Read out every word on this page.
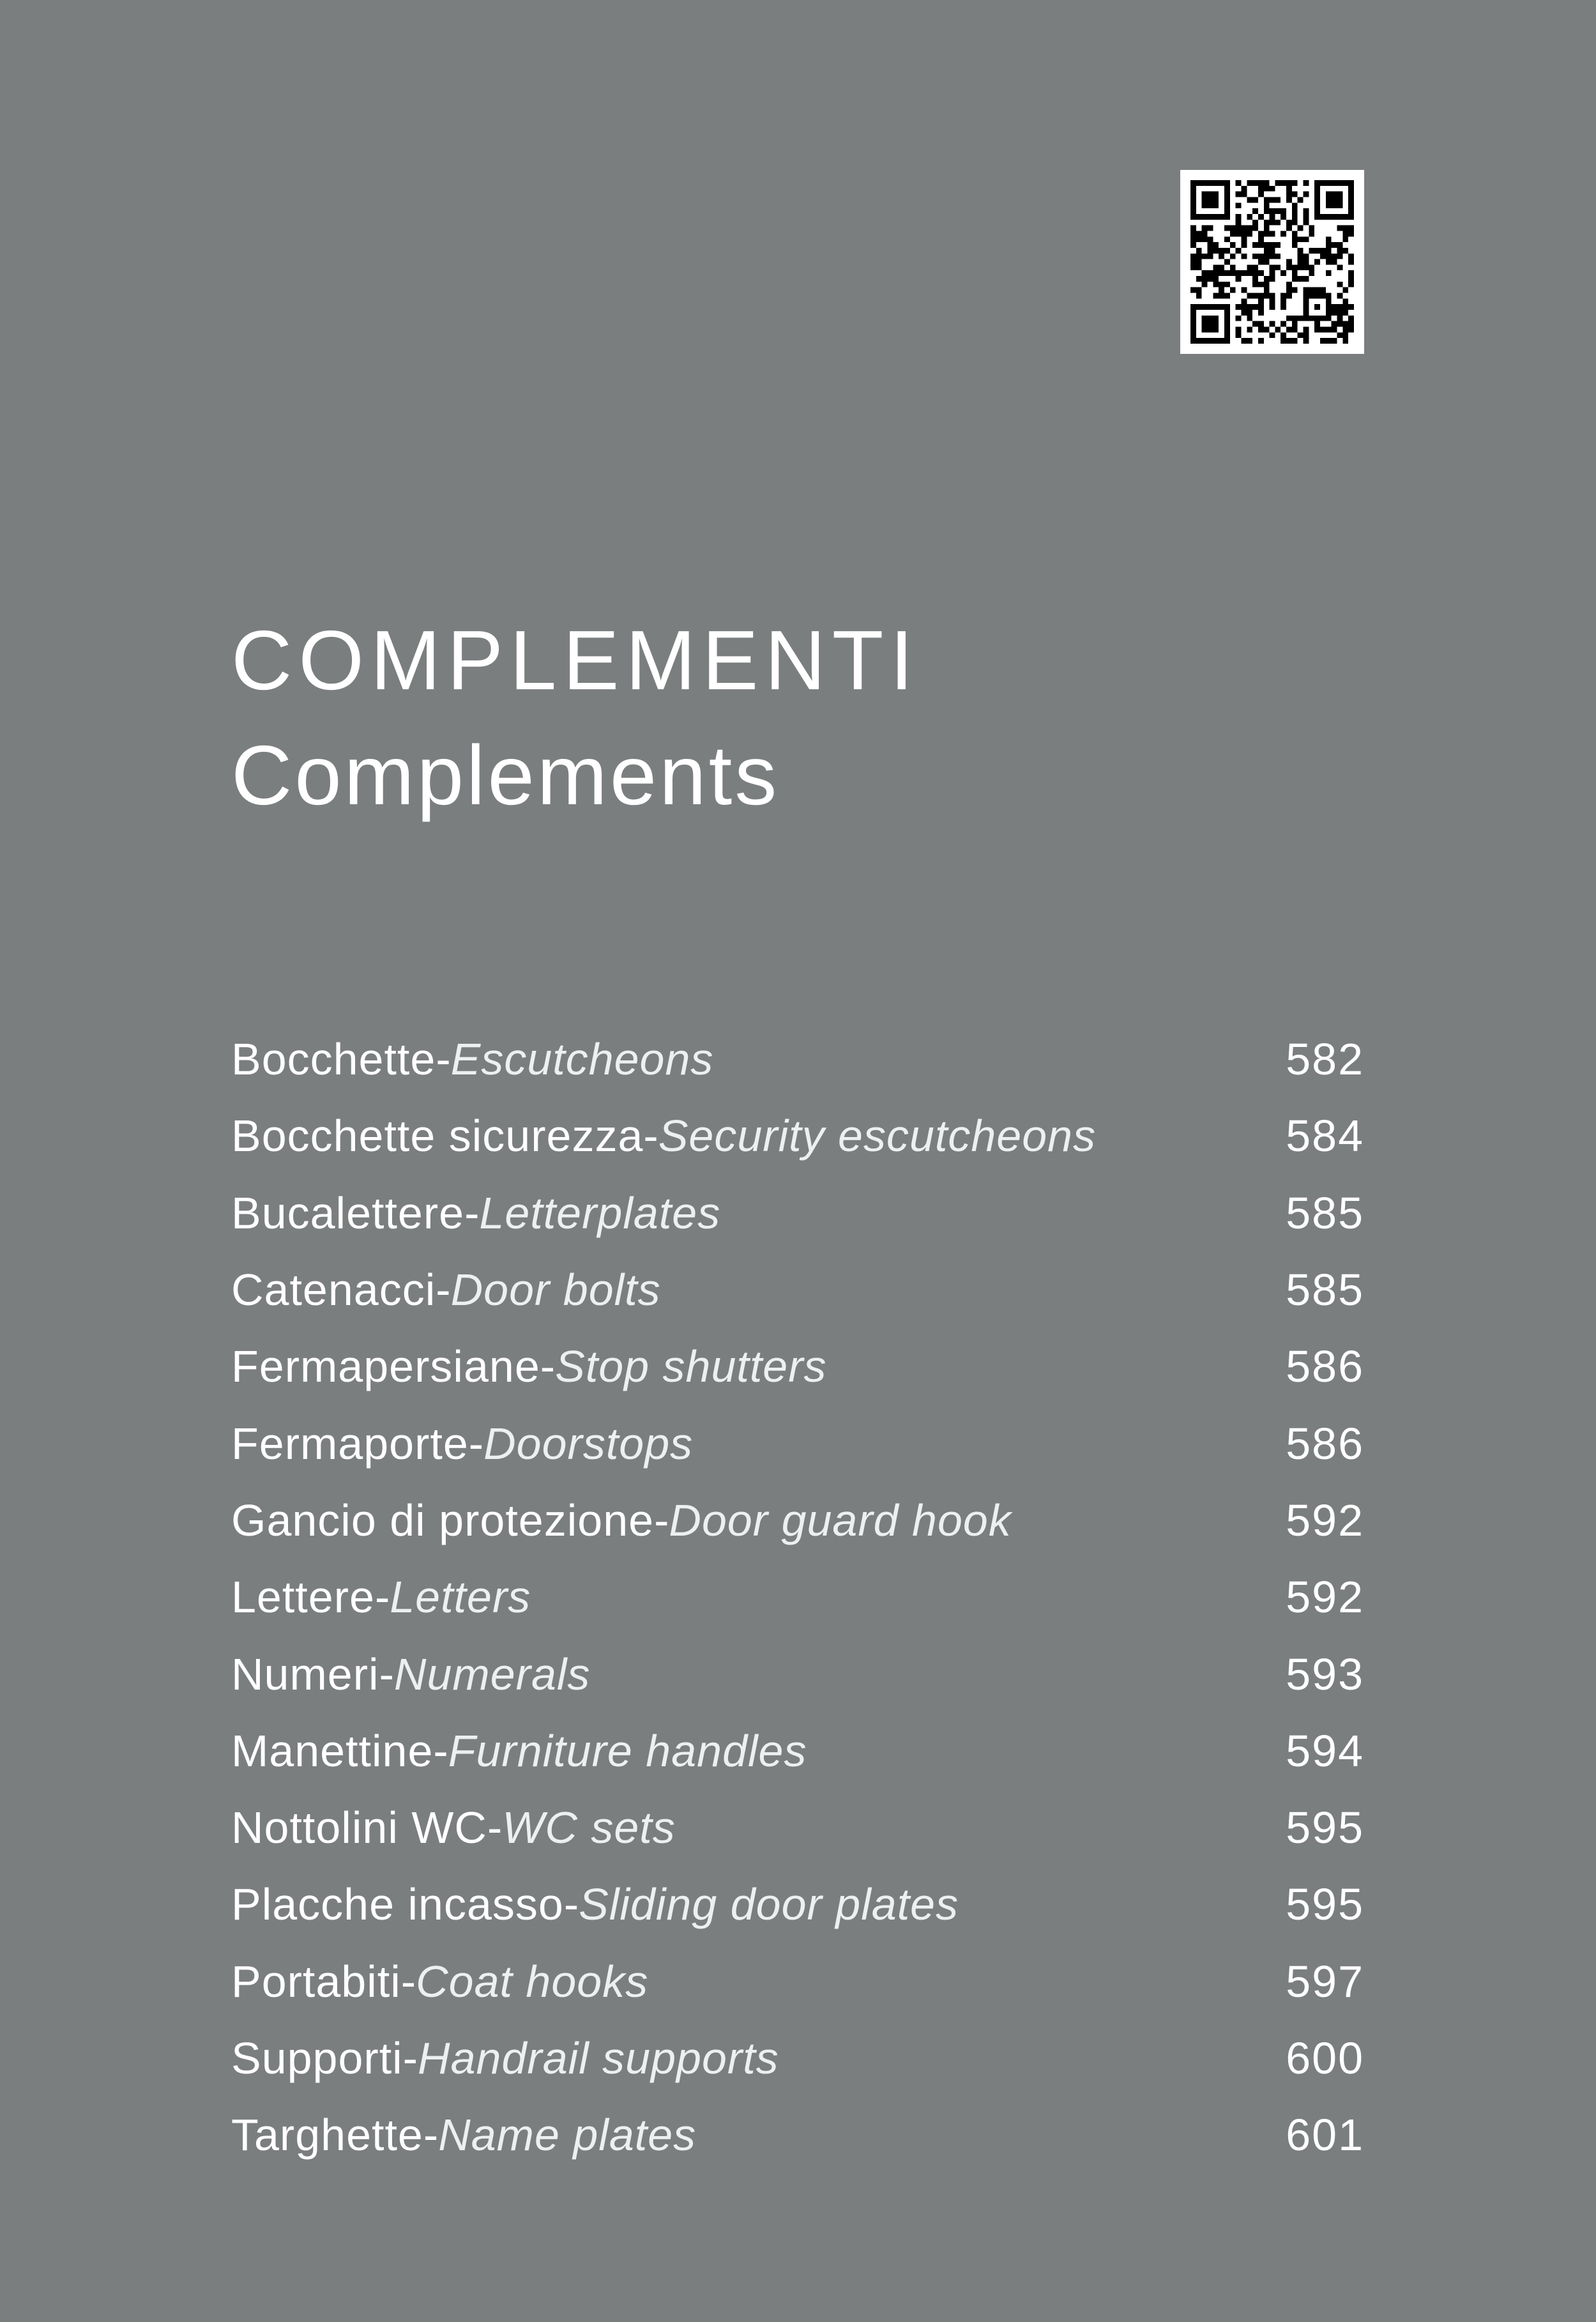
COMPLEMENTI
Complements
Bocchette - Escutcheons	582
Bocchette sicurezza - Security escutcheons	584
Bucalettere - Letterplates	585
Catenacci - Door bolts	585
Fermapersiane - Stop shutters	586
Fermaporte - Doorstops	586
Gancio di protezione - Door guard hook	592
Lettere - Letters	592
Numeri - Numerals	593
Manettine - Furniture handles	594
Nottolini WC - WC sets	595
Placche incasso - Sliding door plates	595
Portabiti - Coat hooks	597
Supporti - Handrail supports	600
Targhette - Name plates	601
